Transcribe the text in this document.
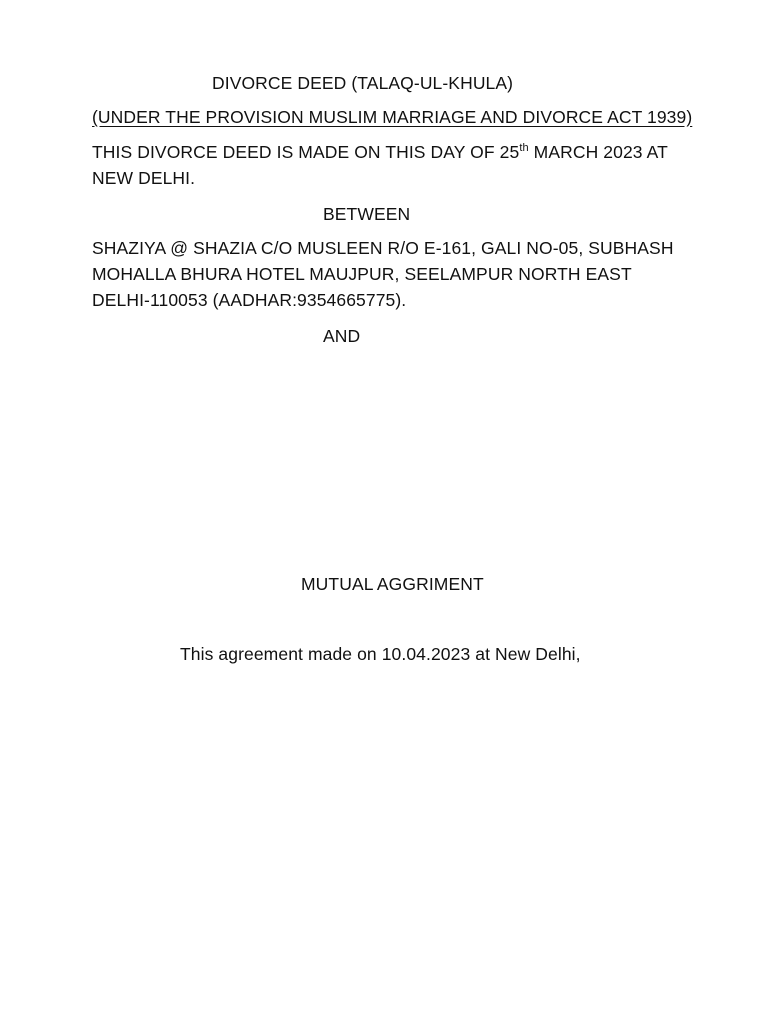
DIVORCE DEED (TALAQ-UL-KHULA)
(UNDER THE PROVISION MUSLIM MARRIAGE AND DIVORCE ACT 1939)
THIS DIVORCE DEED IS MADE ON THIS DAY OF 25th MARCH 2023 AT NEW DELHI.
BETWEEN
SHAZIYA @ SHAZIA C/O MUSLEEN R/O E-161, GALI NO-05, SUBHASH MOHALLA BHURA HOTEL MAUJPUR, SEELAMPUR NORTH EAST DELHI-110053 (AADHAR:9354665775).
AND
MUTUAL AGGRIMENT
This agreement made on 10.04.2023 at New Delhi,
